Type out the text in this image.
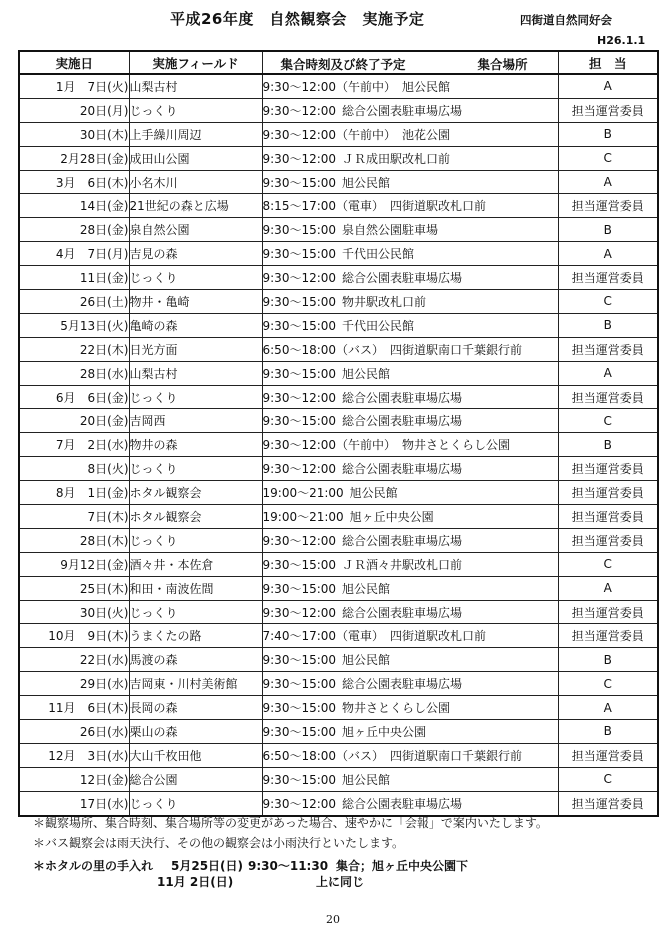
平成26年度　自然観察会　実施予定	四街道自然同好会
H26.1.1
実施日	実施フィールド	集合時刻及び終了予定 集合場所	担　当
1月　7日(火)	山梨古村	9:30～12:00（午前中） 旭公民館	A
20日(月)	じっくり	9:30～12:00 総合公園表駐車場広場	担当運営委員
30日(木)	上手繰川周辺	9:30～12:00（午前中） 池花公園	B
2月28日(金)	成田山公園	9:30～12:00 ＪＲ成田駅改札口前	C
3月　6日(木)	小名木川	9:30～15:00 旭公民館	A
14日(金)	21世紀の森と広場	8:15～17:00（電車） 四街道駅改札口前	担当運営委員
28日(金)	泉自然公園	9:30～15:00 泉自然公園駐車場	B
4月　7日(月)	吉見の森	9:30～15:00 千代田公民館	A
11日(金)	じっくり	9:30～12:00 総合公園表駐車場広場	担当運営委員
26日(土)	物井・亀崎	9:30～15:00 物井駅改札口前	C
5月13日(火)	亀崎の森	9:30～15:00 千代田公民館	B
22日(木)	日光方面	6:50～18:00（バス） 四街道駅南口千葉銀行前	担当運営委員
28日(水)	山梨古村	9:30～15:00 旭公民館	A
6月　6日(金)	じっくり	9:30～12:00 総合公園表駐車場広場	担当運営委員
20日(金)	吉岡西	9:30～15:00 総合公園表駐車場広場	C
7月　2日(水)	物井の森	9:30～12:00（午前中） 物井さとくらし公園	B
8日(火)	じっくり	9:30～12:00 総合公園表駐車場広場	担当運営委員
8月　1日(金)	ホタル観察会	19:00～21:00 旭公民館	担当運営委員
7日(木)	ホタル観察会	19:00～21:00 旭ヶ丘中央公園	担当運営委員
28日(木)	じっくり	9:30～12:00 総合公園表駐車場広場	担当運営委員
9月12日(金)	酒々井・本佐倉	9:30～15:00 ＪＲ酒々井駅改札口前	C
25日(木)	和田・南波佐間	9:30～15:00 旭公民館	A
30日(火)	じっくり	9:30～12:00 総合公園表駐車場広場	担当運営委員
10月　9日(木)	うまくたの路	7:40～17:00（電車） 四街道駅改札口前	担当運営委員
22日(水)	馬渡の森	9:30～15:00 旭公民館	B
29日(水)	吉岡東・川村美術館	9:30～15:00 総合公園表駐車場広場	C
11月　6日(木)	長岡の森	9:30～15:00 物井さとくらし公園	A
26日(水)	栗山の森	9:30～15:00 旭ヶ丘中央公園	B
12月　3日(水)	大山千枚田他	6:50～18:00（バス） 四街道駅南口千葉銀行前	担当運営委員
12日(金)	総合公園	9:30～15:00 旭公民館	C
17日(水)	じっくり	9:30～12:00 総合公園表駐車場広場	担当運営委員
＊観察場所、集合時刻、集合場所等の変更があった場合、速やかに「会報」で案内いたします。
＊バス観察会は雨天決行、その他の観察会は小雨決行といたします。
＊ホタルの里の手入れ 5月25日(日) 9:30～11:30 集合；旭ヶ丘中央公園下
11月 2日(日)	上に同じ
20
